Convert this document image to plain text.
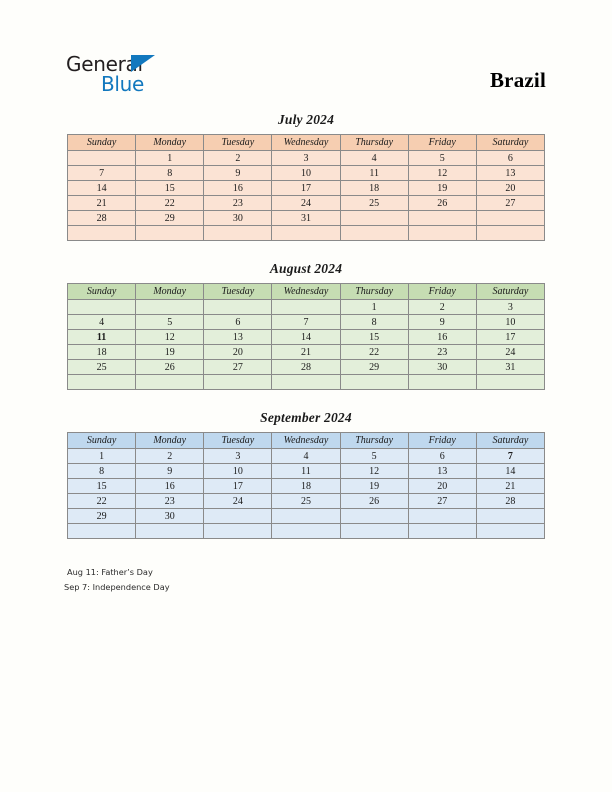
General
Blue	Brazil
July 2024
Sunday	Monday	Tuesday	Wednesday	Thursday	Friday	Saturday
	1	2	3	4	5	6
7	8	9	10	11	12	13
14	15	16	17	18	19	20
21	22	23	24	25	26	27
28	29	30	31			

August 2024
Sunday	Monday	Tuesday	Wednesday	Thursday	Friday	Saturday
				1	2	3
4	5	6	7	8	9	10
11	12	13	14	15	16	17
18	19	20	21	22	23	24
25	26	27	28	29	30	31

September 2024
Sunday	Monday	Tuesday	Wednesday	Thursday	Friday	Saturday
1	2	3	4	5	6	7
8	9	10	11	12	13	14
15	16	17	18	19	20	21
22	23	24	25	26	27	28
29	30					

Aug 11: Father’s Day
Sep 7: Independence Day
